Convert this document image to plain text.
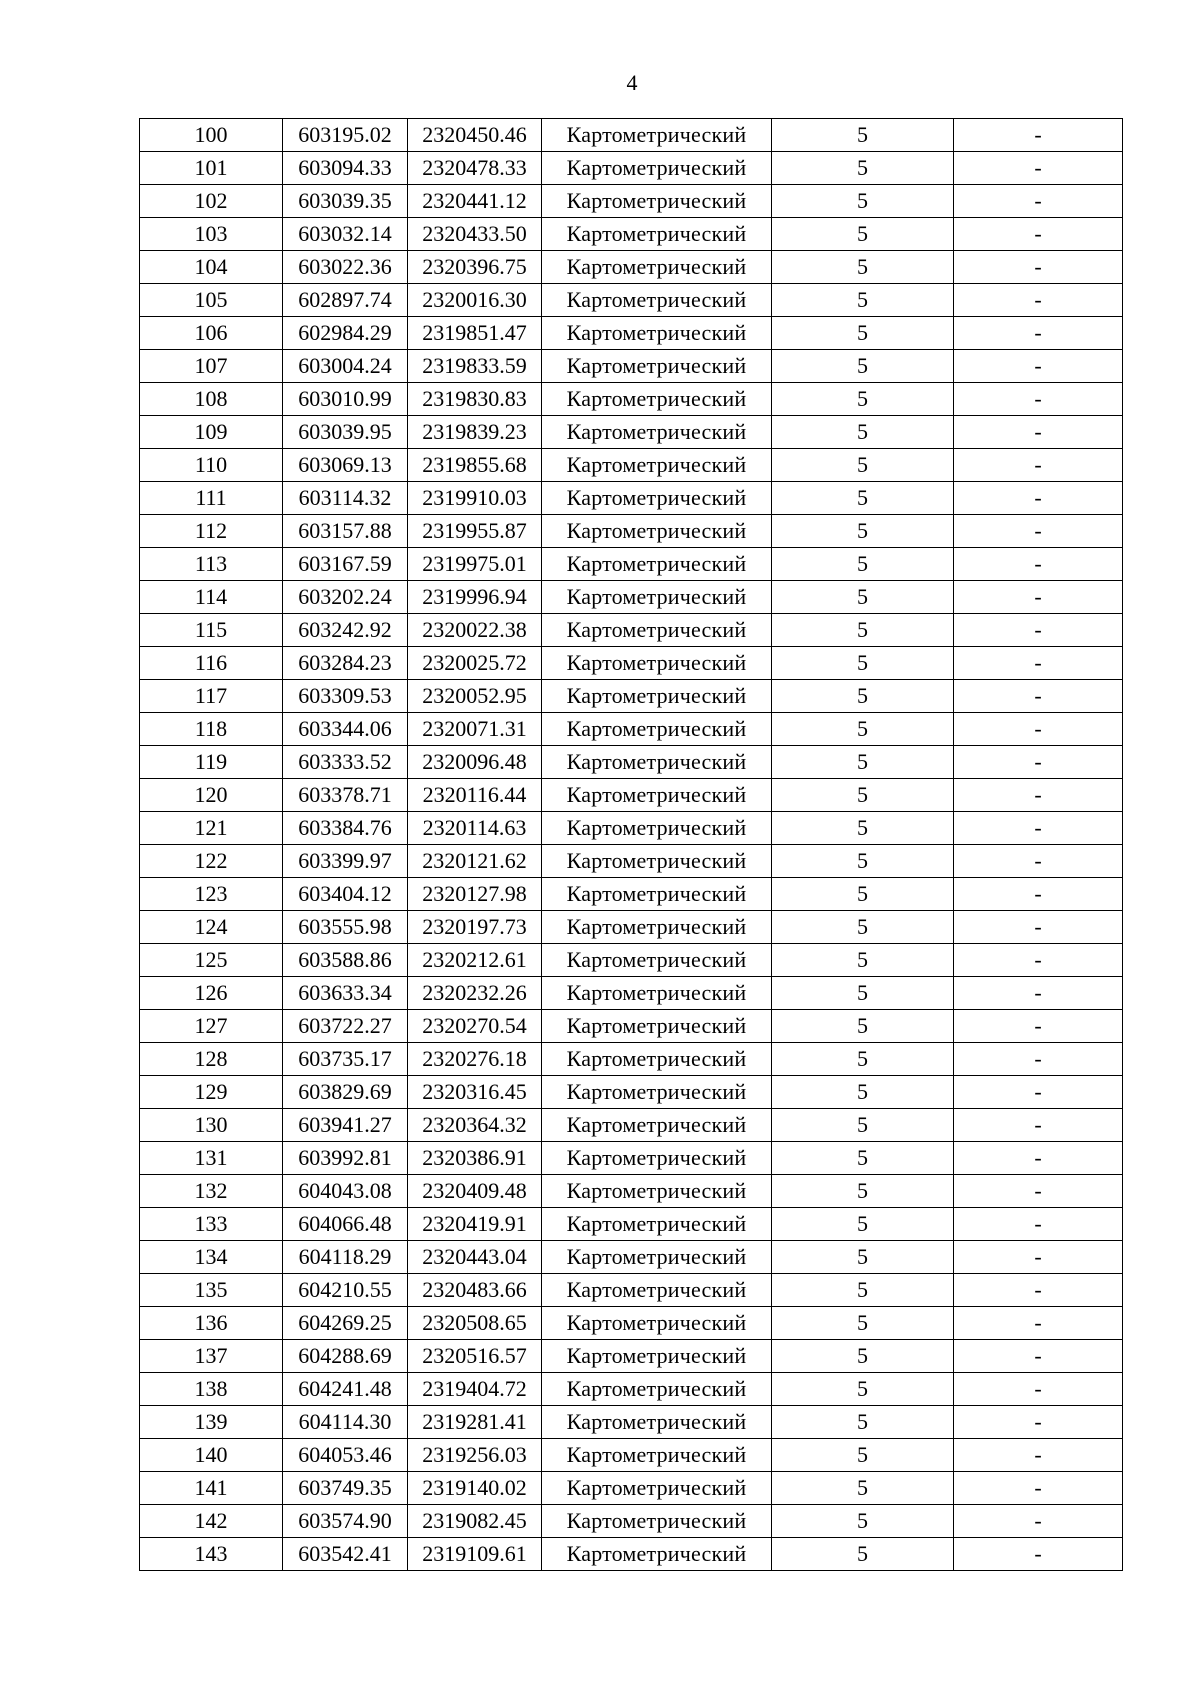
4
100	603195.02	2320450.46	Картометрический	5	-
101	603094.33	2320478.33	Картометрический	5	-
102	603039.35	2320441.12	Картометрический	5	-
103	603032.14	2320433.50	Картометрический	5	-
104	603022.36	2320396.75	Картометрический	5	-
105	602897.74	2320016.30	Картометрический	5	-
106	602984.29	2319851.47	Картометрический	5	-
107	603004.24	2319833.59	Картометрический	5	-
108	603010.99	2319830.83	Картометрический	5	-
109	603039.95	2319839.23	Картометрический	5	-
110	603069.13	2319855.68	Картометрический	5	-
111	603114.32	2319910.03	Картометрический	5	-
112	603157.88	2319955.87	Картометрический	5	-
113	603167.59	2319975.01	Картометрический	5	-
114	603202.24	2319996.94	Картометрический	5	-
115	603242.92	2320022.38	Картометрический	5	-
116	603284.23	2320025.72	Картометрический	5	-
117	603309.53	2320052.95	Картометрический	5	-
118	603344.06	2320071.31	Картометрический	5	-
119	603333.52	2320096.48	Картометрический	5	-
120	603378.71	2320116.44	Картометрический	5	-
121	603384.76	2320114.63	Картометрический	5	-
122	603399.97	2320121.62	Картометрический	5	-
123	603404.12	2320127.98	Картометрический	5	-
124	603555.98	2320197.73	Картометрический	5	-
125	603588.86	2320212.61	Картометрический	5	-
126	603633.34	2320232.26	Картометрический	5	-
127	603722.27	2320270.54	Картометрический	5	-
128	603735.17	2320276.18	Картометрический	5	-
129	603829.69	2320316.45	Картометрический	5	-
130	603941.27	2320364.32	Картометрический	5	-
131	603992.81	2320386.91	Картометрический	5	-
132	604043.08	2320409.48	Картометрический	5	-
133	604066.48	2320419.91	Картометрический	5	-
134	604118.29	2320443.04	Картометрический	5	-
135	604210.55	2320483.66	Картометрический	5	-
136	604269.25	2320508.65	Картометрический	5	-
137	604288.69	2320516.57	Картометрический	5	-
138	604241.48	2319404.72	Картометрический	5	-
139	604114.30	2319281.41	Картометрический	5	-
140	604053.46	2319256.03	Картометрический	5	-
141	603749.35	2319140.02	Картометрический	5	-
142	603574.90	2319082.45	Картометрический	5	-
143	603542.41	2319109.61	Картометрический	5	-
